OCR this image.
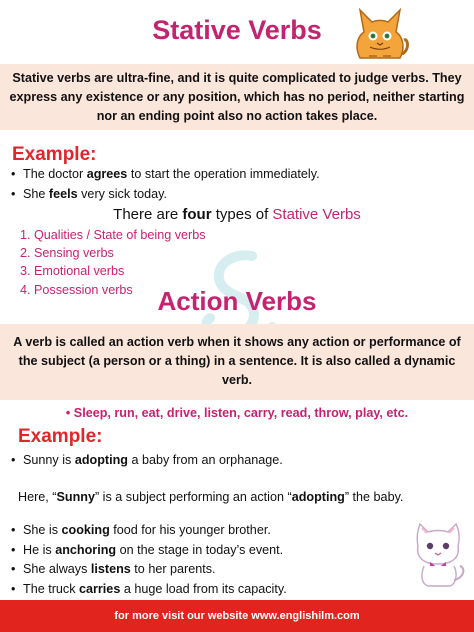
Stative Verbs
Stative verbs are ultra-fine, and it is quite complicated to judge verbs. They express any existence or any position, which has no period, neither starting nor an ending point also no action takes place.

Example:

• The doctor agrees to start the operation immediately.
• She feels very sick today.

There are four types of Stative Verbs

1. Qualities / State of being verbs
2. Sensing verbs
3. Emotional verbs
4. Possession verbs Action Verbs
A verb is called an action verb when it shows any action or performance of the subject (a person or a thing) in a sentence. It is also called a dynamic verb.

• Sleep, run, eat, drive, listen, carry, read, throw, play, etc.

Example:

• Sunny is adopting a baby from an orphanage.

Here, “Sunny” is a subject performing an action “adopting” the baby.

• She is cooking food for his younger brother.
• He is anchoring on the stage in today’s event.
• She always listens to her parents.
• The truck carries a huge load from its capacity.
for more visit our website www.englishilm.com
